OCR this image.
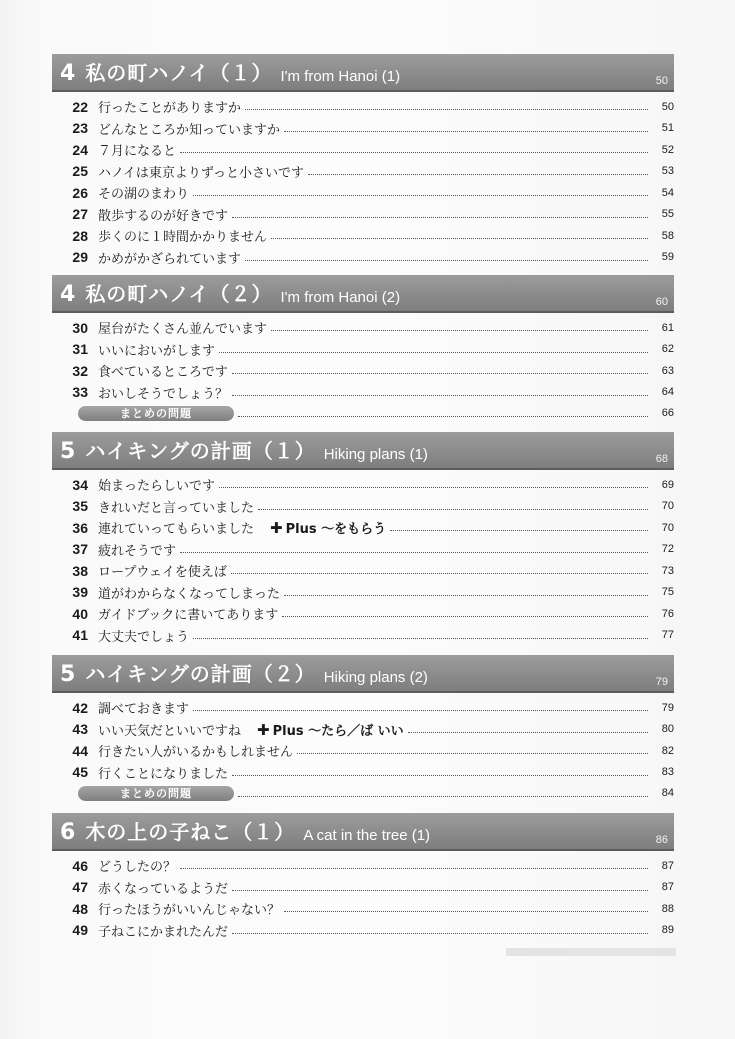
4 私の町ハノイ（１） I'm from Hanoi (1)	50
22 行ったことがありますか	50
23 どんなところか知っていますか	51
24 ７月になると	52
25 ハノイは東京よりずっと小さいです	53
26 その湖のまわり	54
27 散歩するのが好きです	55
28 歩くのに１時間かかりません	58
29 かめがかざられています	59
4 私の町ハノイ（２） I'm from Hanoi (2)	60
30 屋台がたくさん並んでいます	61
31 いいにおいがします	62
32 食べているところです	63
33 おいしそうでしょう？	64
まとめの問題	66
5 ハイキングの計画（１） Hiking plans (1)	68
34 始まったらしいです	69
35 きれいだと言っていました	70
36 連れていってもらいました ✚ Plus ～をもらう	70
37 疲れそうです	72
38 ロープウェイを使えば	73
39 道がわからなくなってしまった	75
40 ガイドブックに書いてあります	76
41 大丈夫でしょう	77
5 ハイキングの計画（２） Hiking plans (2)	79
42 調べておきます	79
43 いい天気だといいですね ✚ Plus ～たら／ば いい	80
44 行きたい人がいるかもしれません	82
45 行くことになりました	83
まとめの問題	84
6 木の上の子ねこ（１） A cat in the tree (1)	86
46 どうしたの？	87
47 赤くなっているようだ	87
48 行ったほうがいいんじゃない？	88
49 子ねこにかまれたんだ	89
